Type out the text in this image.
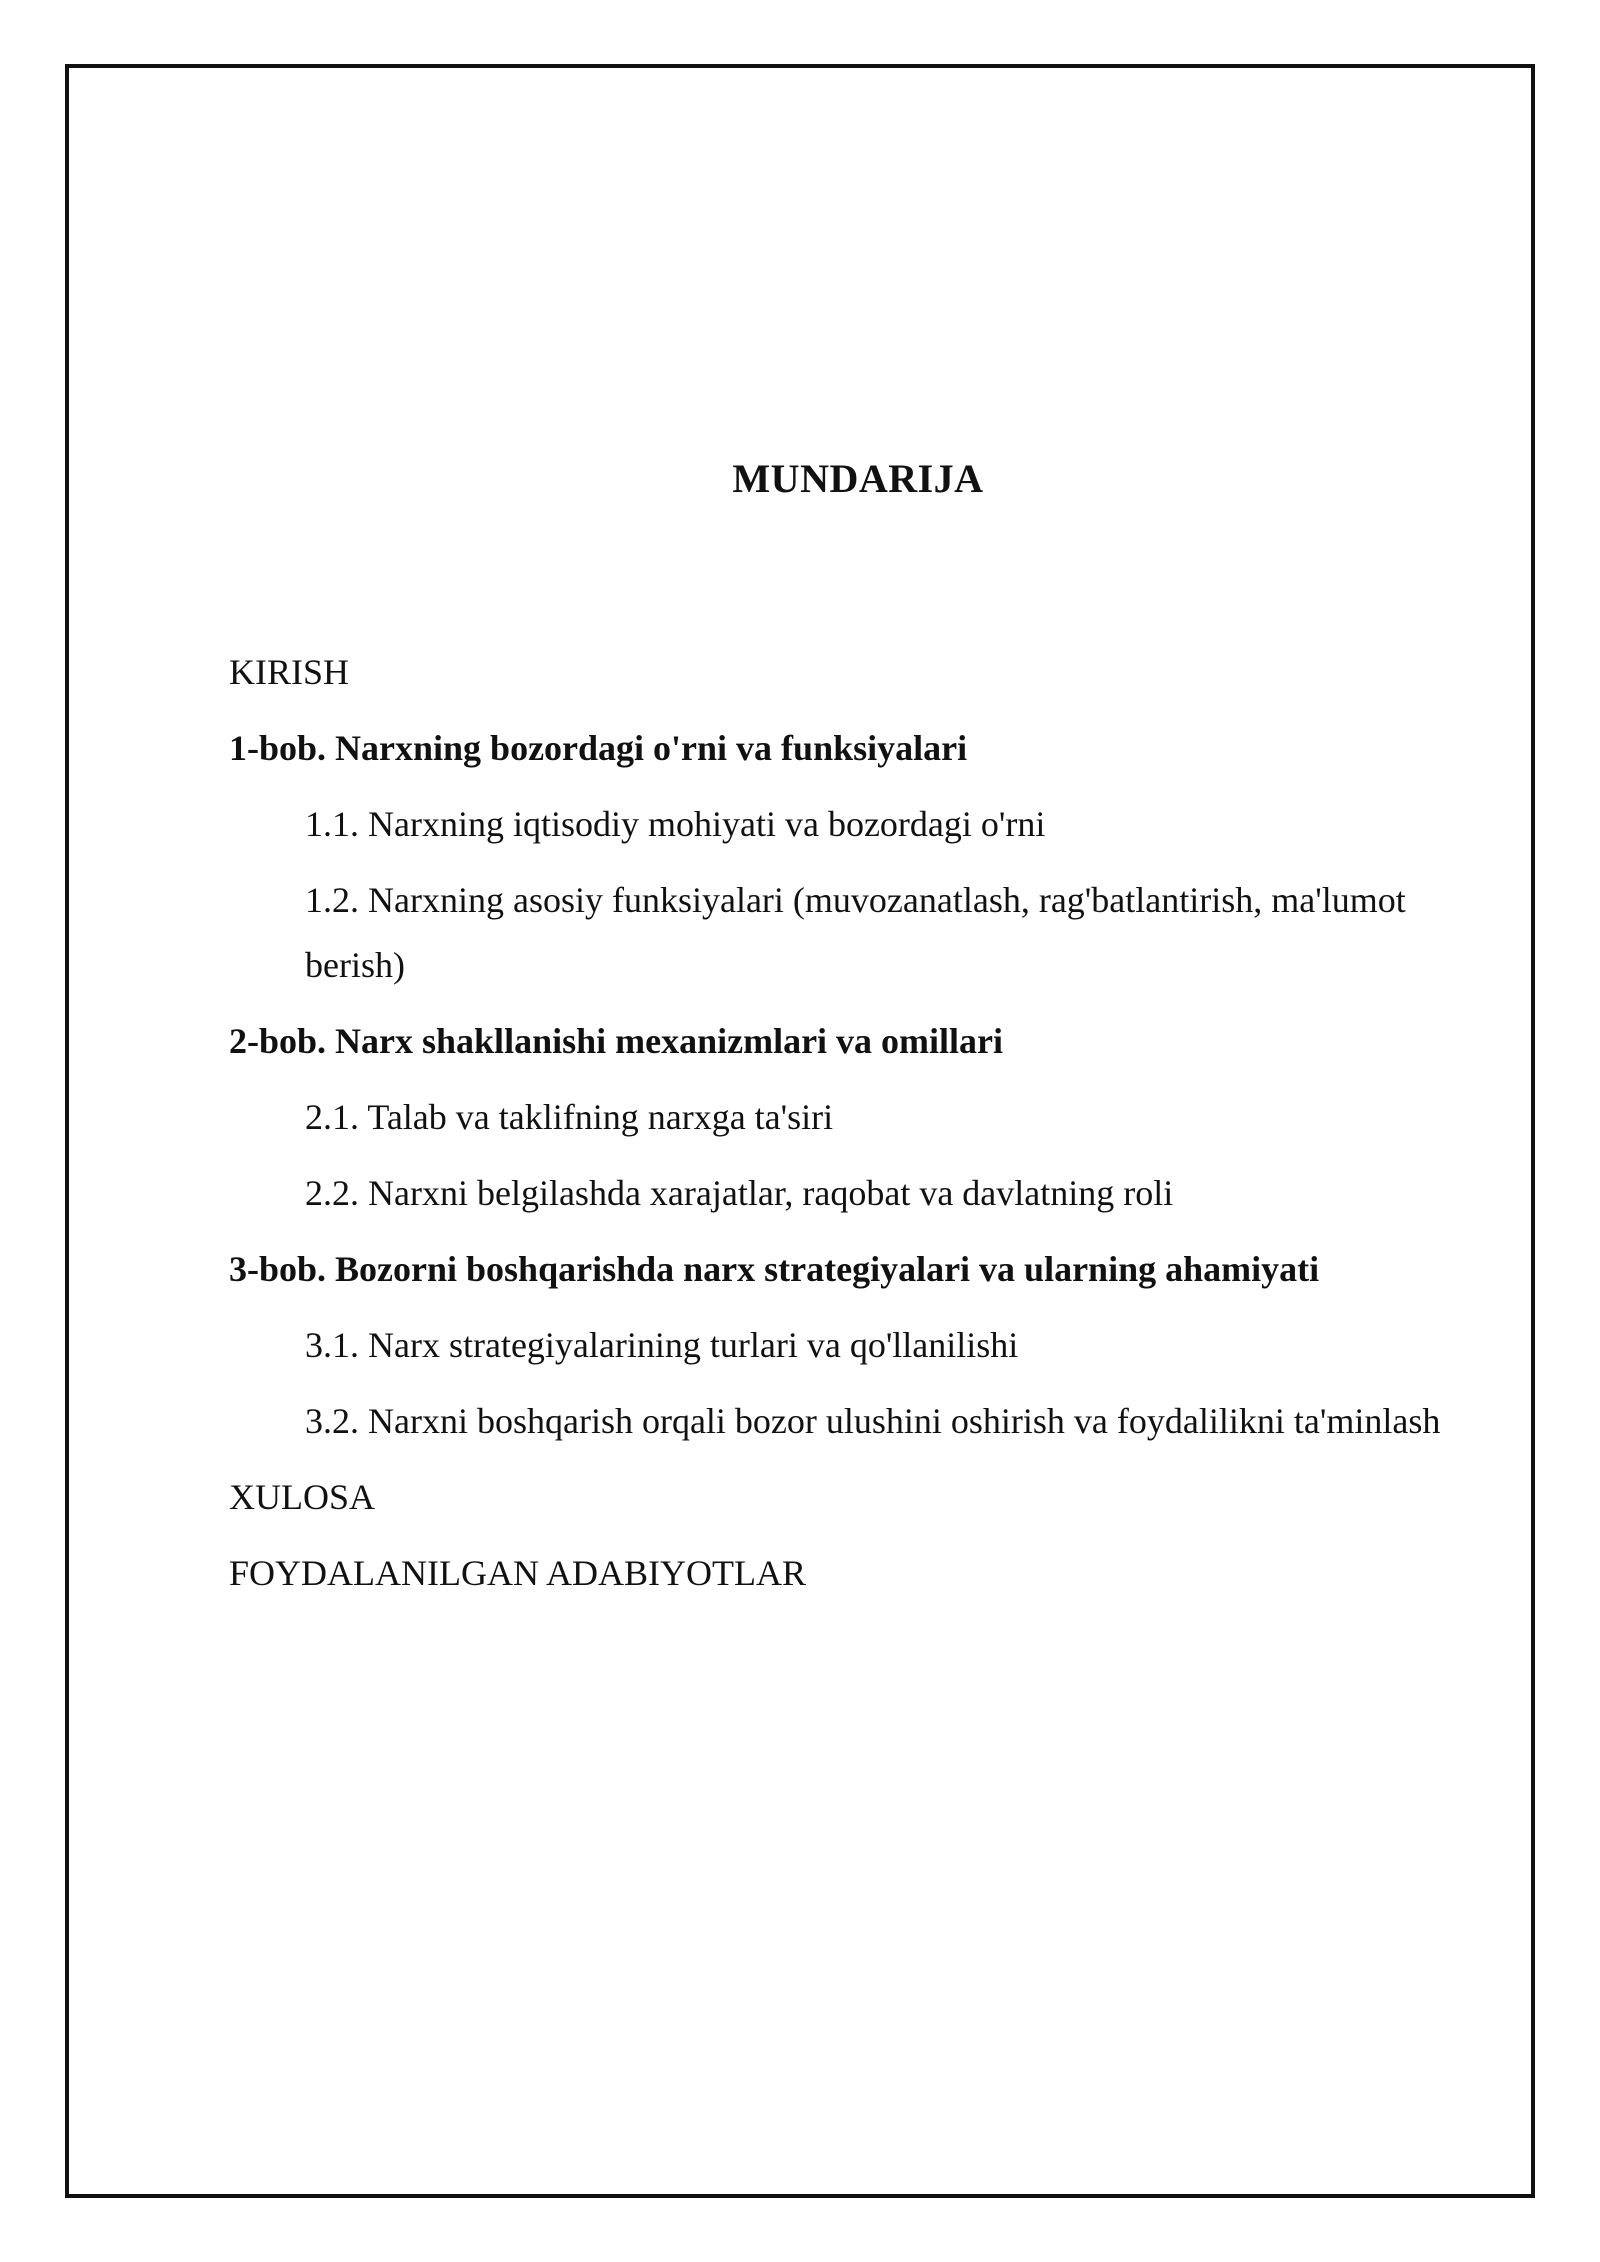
MUNDARIJA
KIRISH
1-bob. Narxning bozordagi o'rni va funksiyalari
1.1. Narxning iqtisodiy mohiyati va bozordagi o'rni
1.2. Narxning asosiy funksiyalari (muvozanatlash, rag'batlantirish, ma'lumot berish)
2-bob. Narx shakllanishi mexanizmlari va omillari
2.1. Talab va taklifning narxga ta'siri
2.2. Narxni belgilashda xarajatlar, raqobat va davlatning roli
3-bob. Bozorni boshqarishda narx strategiyalari va ularning ahamiyati
3.1. Narx strategiyalarining turlari va qo'llanilishi
3.2. Narxni boshqarish orqali bozor ulushini oshirish va foydalilikni ta'minlash
XULOSA
FOYDALANILGAN ADABIYOTLAR
